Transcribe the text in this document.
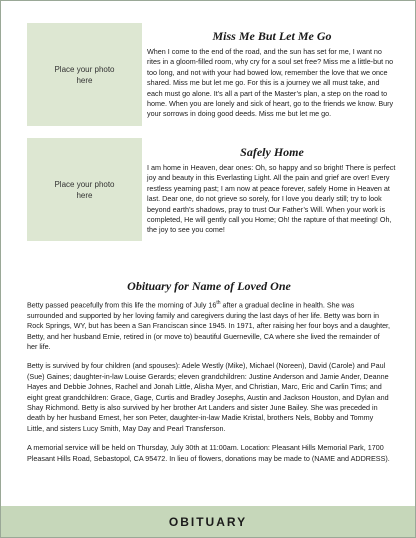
Place your photo here
Miss Me But Let Me Go

When I come to the end of the road, and the sun has set for me, I want no rites in a gloom-filled room, why cry for a soul set free? Miss me a little-but no too long, and not with your had bowed low, remember the love that we once shared. Miss me but let me go. For this is a journey we all must take, and each must go alone. It’s all a part of the Master’s plan, a step on the road to home. When you are lonely and sick of heart, go to the friends we know. Bury your sorrows in doing good deeds. Miss me but let me go.

Place your photo here
Safely Home

I am home in Heaven, dear ones: Oh, so happy and so bright! There is perfect joy and beauty in this Everlasting Light. All the pain and grief are over! Every restless yearning past; I am now at peace forever, safely Home in Heaven at last. Dear one, do not grieve so sorely, for I love you dearly still; try to look beyond earth’s shadows, pray to trust Our Father’s Will. When your work is completed, He will gently call you Home; Oh! the rapture of that meeting! Oh, the joy to see you come!

Obituary for Name of Loved One

Betty passed peacefully from this life the morning of July 16th after a gradual decline in health. She was surrounded and supported by her loving family and caregivers during the last days of her life. Betty was born in Rock Springs, WY, but has been a San Franciscan since 1945. In 1971, after raising her four boys and a daughter, Betty, and her husband Ernie, retired in (or move to) beautiful Guerneville, CA where she lived the remainder of her life.

Betty is survived by four children (and spouses): Adele Westly (Mike), Michael (Noreen), David (Carole) and Paul (Sue) Gaines; daughter-in-law Louise Gerards; eleven grandchildren: Justine Anderson and Jamie Ander, Deanne Hayes and Debbie Johnes, Rachel and Jonah Little, Alisha Myer, and Christian, Marc, Eric and Carlin Tims; and eight great grandchildren: Grace, Gage, Curtis and Bradley Josephs, Austin and Jackson Houston, and Dylan and Shay Richmond. Betty is also survived by her brother Art Landers and sister June Bailey. She was preceded in death by her husband Ernest, her son Peter, daughter-in-law Madie Kristal, brothers Nels, Bobby and Tommy Little, and sisters Lucy Smith, May Day and Pearl Transferson.

A memorial service will be held on Thursday, July 30th at 11:00am. Location: Pleasant Hills Memorial Park, 1700 Pleasant Hills Road, Sebastopol, CA 95472. In lieu of flowers, donations may be made to (NAME and ADDRESS).

OBITUARY
